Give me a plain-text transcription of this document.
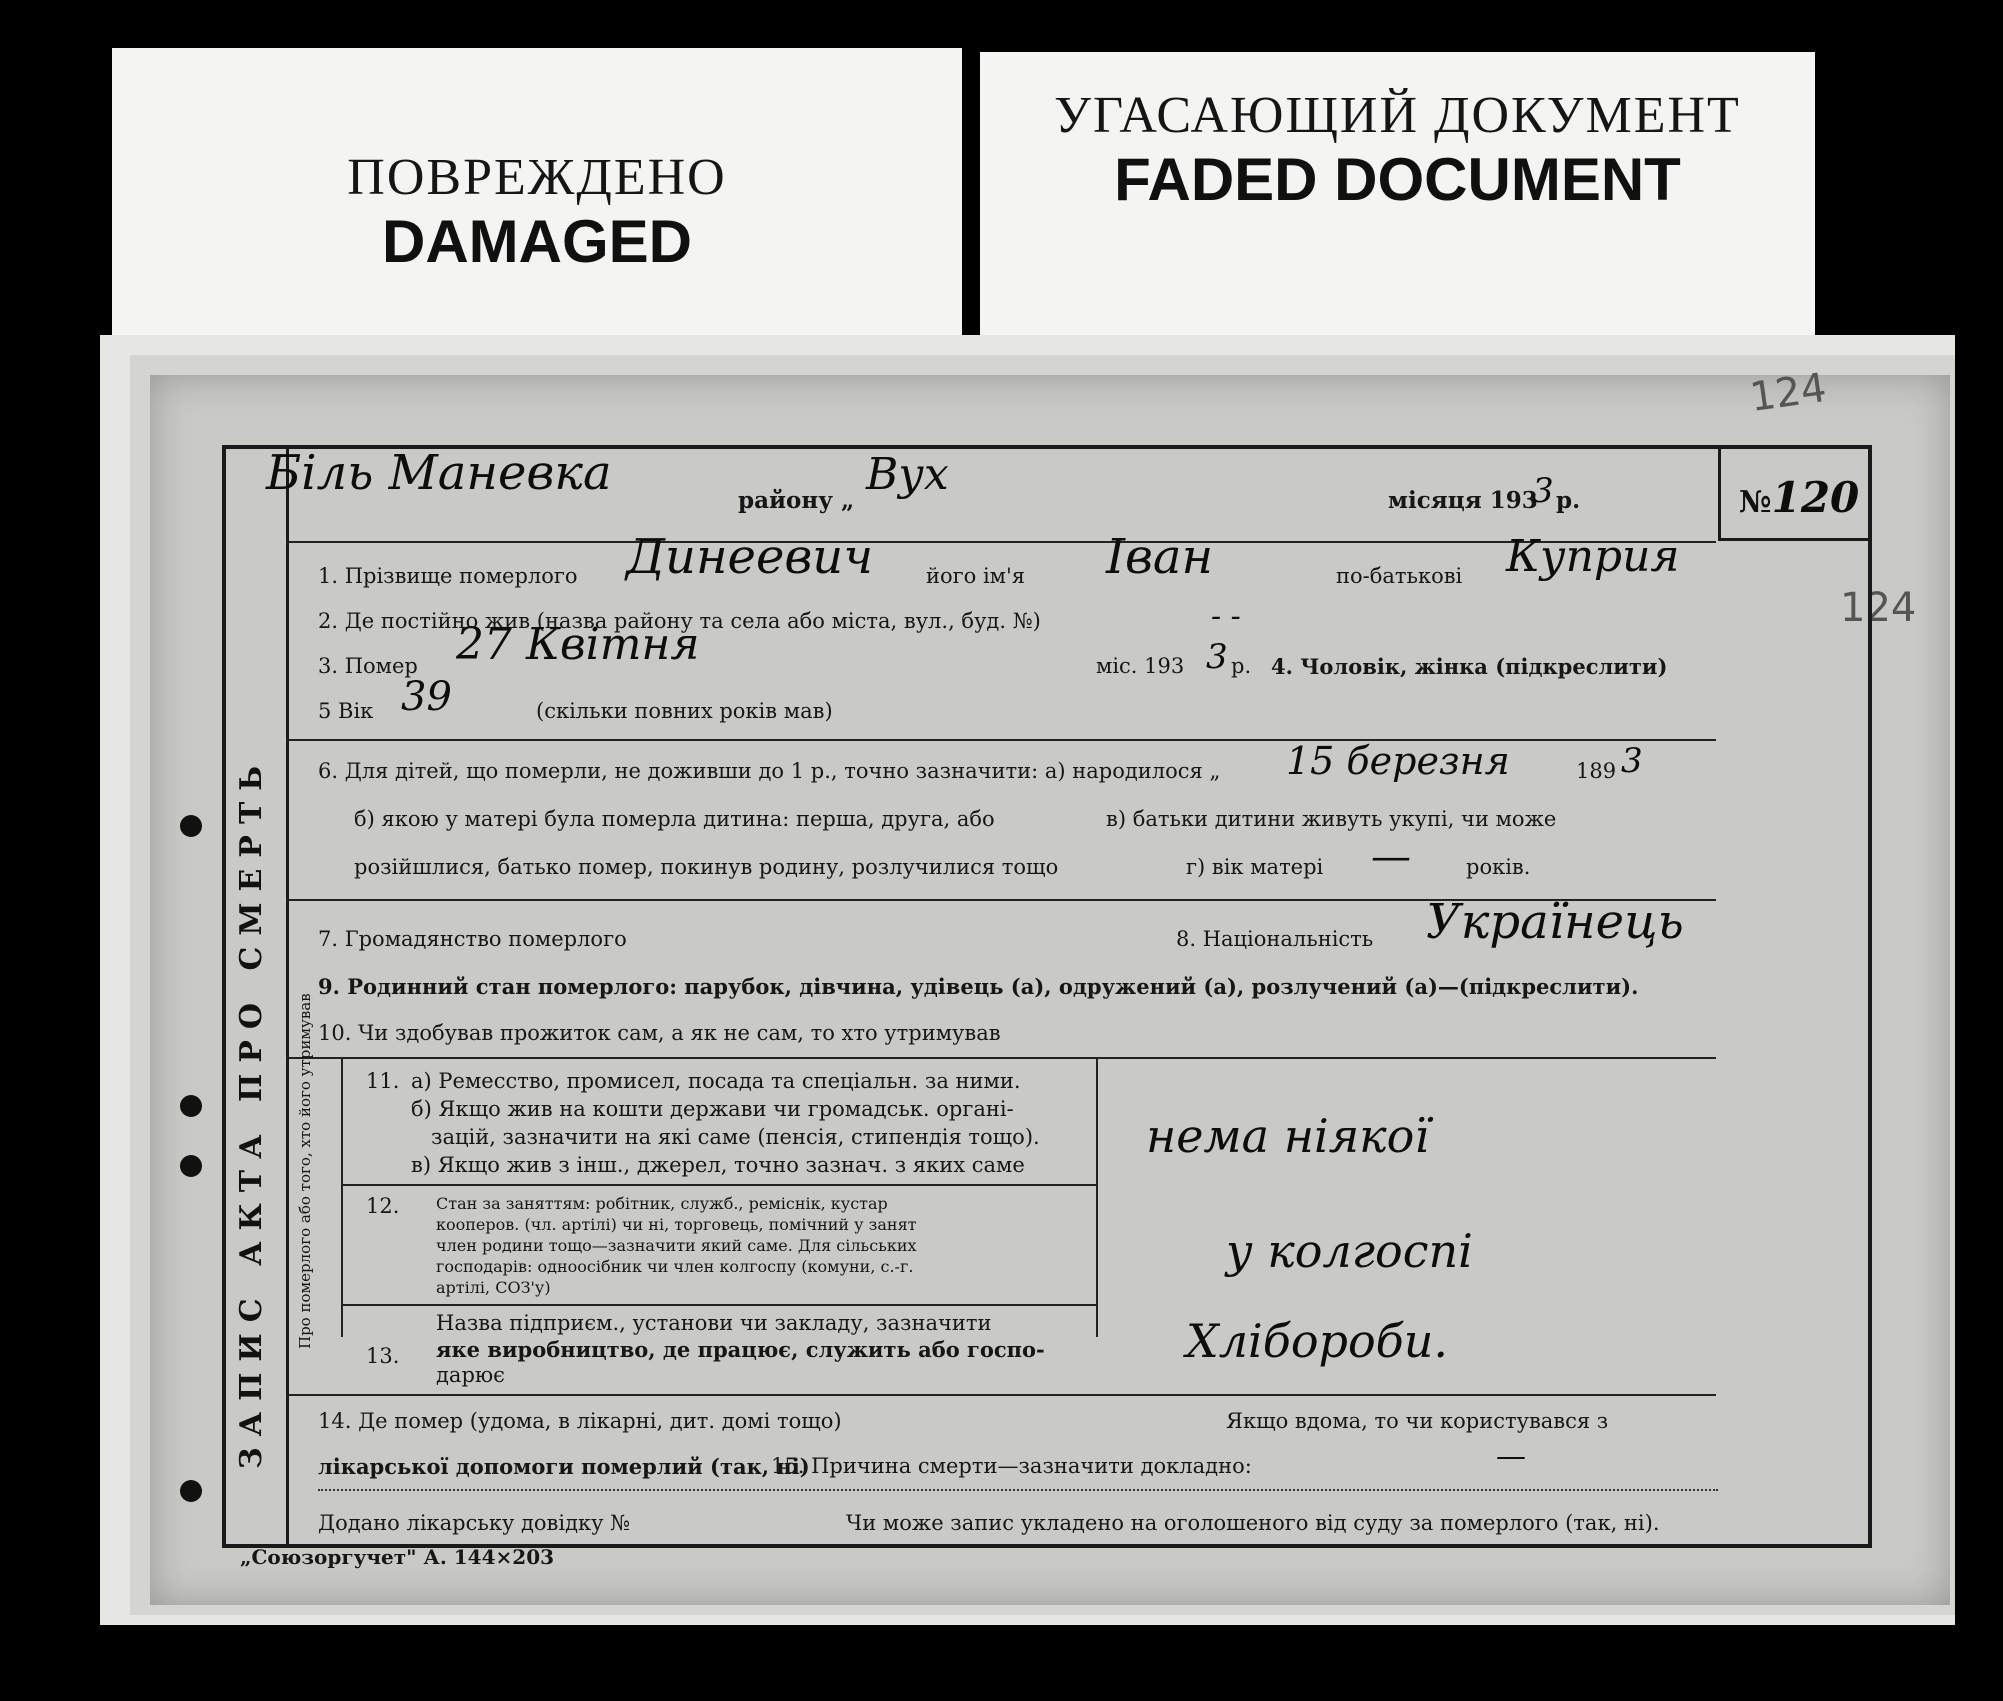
ПОВРЕЖДЕНО
DAMAGED
УГАСАЮЩИЙ ДОКУМЕНТ
FADED DOCUMENT
124
124
ЗАПИС АКТА ПРО СМЕРТЬ
№120
Біль Маневка	району „
Вух
місяця 193
3 р.
1. Прізвище померлого Динеевич	його ім'я Іван	по-батькові Куприя
2. Де постійно жив (назва району та села або міста, вул., буд. №)	- -
3. Помер 27 Квітня	міс. 193 3 р. 4. Чоловік, жінка (підкреслити)
5 Вік 39	(скільки повних років мав)
6. Для дітей, що померли, не доживши до 1 р., точно зазначити: а) народилося „ 15 березня	189 3
б) якою у матері була померла дитина: перша, друга, або	в) батьки дитини живуть укупі, чи може
розійшлися, батько помер, покинув родину, розлучилися тощо	г) вік матері —	років.
7. Громадянство померлого	8. Національність Українець
9. Родинний стан померлого: парубок, дівчина, удівець (а), одружений (а), розлучений (а)—(підкреслити).
10. Чи здобував прожиток сам, а як не сам, то хто утримував
Про померлого або того, хто його утримував 11. а) Ремесство, промисел, посада та спеціальн. за ними.
б) Якщо жив на кошти держави чи громадськ. органі-
зацій, зазначити на які саме (пенсія, стипендія тощо).
в) Якщо жив з інш., джерел, точно зазнач. з яких саме
12. Стан за заняттям: робітник, служб., реміснік, кустар
кооперов. (чл. артілі) чи ні, торговець, помічний у занят
член родини тощо—зазначити який саме. Для сільських
господарів: одноосібник чи член колгоспу (комуни, с.-г.
артілі, СОЗ'у)
13.
Назва підприєм., установи чи закладу, зазначити
яке виробництво, де працює, служить або госпо-
дарює
нема ніякої
у колгоспі
Хлібороби.
14. Де помер (удома, в лікарні, дит. домі тощо)	Якщо вдома, то чи користувався з
лікарської допомоги померлий (так, ні)
15. Причина смерти—зазначити докладно:	—
Додано лікарську довідку №	Чи може запис укладено на оголошеного від суду за померлого (так, ні).
„Союзоргучет" А. 144×203
